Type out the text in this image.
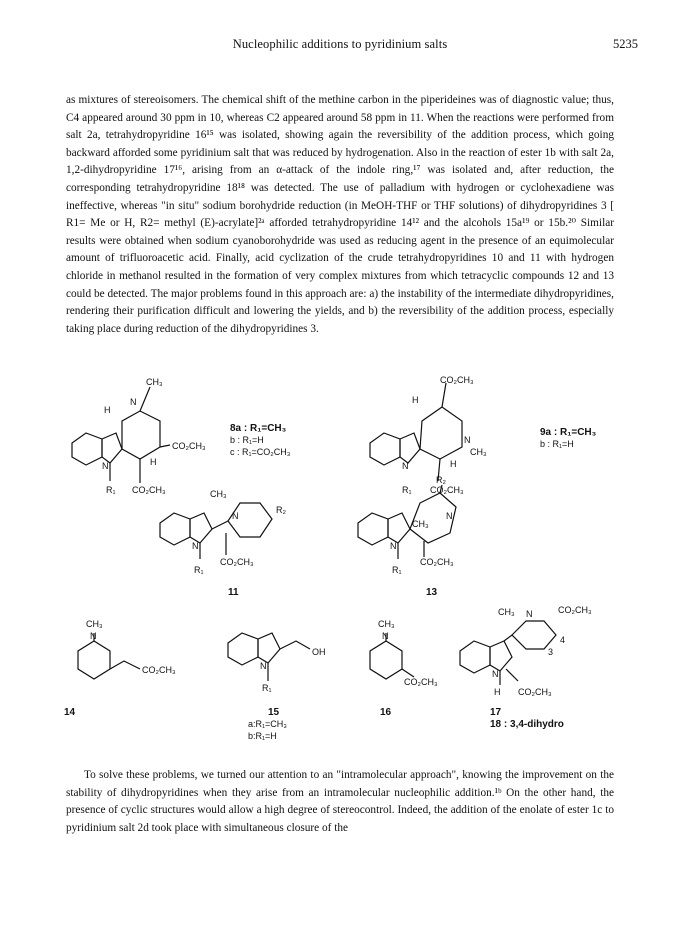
Nucleophilic additions to pyridinium salts	5235

as mixtures of stereoisomers. The chemical shift of the methine carbon in the piperideines was of diagnostic value; thus, C4 appeared around 30 ppm in 10, whereas C2 appeared around 58 ppm in 11. When the reactions were performed from salt 2a, tetrahydropyridine 16¹⁵ was isolated, showing again the reversibility of the addition process, which going backward afforded some pyridinium salt that was reduced by hydrogenation. Also in the reaction of ester 1b with salt 2a, 1,2-dihydropyridine 17¹⁶, arising from an α-attack of the indole ring,¹⁷ was isolated and, after reduction, the corresponding tetrahydropyridine 18¹⁸ was detected. The use of palladium with hydrogen or cyclohexadiene was ineffective, whereas "in situ" sodium borohydride reduction (in MeOH-THF or THF solutions) of dihydropyridines 3 [ R1= Me or H, R2= methyl (E)-acrylate]²ᵃ afforded tetrahydropyridine 14¹² and the alcohols 15a¹⁹ or 15b.²⁰ Similar results were obtained when sodium cyanoborohydride was used as reducing agent in the presence of an equimolecular amount of trifluoroacetic acid. Finally, acid cyclization of the crude tetrahydropyridines 10 and 11 with hydrogen chloride in methanol resulted in the formation of very complex mixtures from which tetracyclic compounds 12 and 13 could be detected. The major problems found in this approach are: a) the instability of the intermediate dihydropyridines, rendering their purification difficult and lowering the yields, and b) the reversibility of the addition process, especially taking place during reduction of the dihydropyridines 3.

CH₃
N
H
CO₂CH₃
H
N
R₁ CO₂CH₃
8a : R₁=CH₃
b : R₁=H
c : R₁=CO₂CH₃
CO₂CH₃
H
N
CH₃
H
N
R₁ CO₂CH₃
9a : R₁=CH₃
b : R₁=H
CH₃
R₂
N
N
R₁
CO₂CH₃
11
R₂
CH₃
N
N
R₁
CO₂CH₃
13
CH₃
N
CO₂CH₃
14
OH
N
R₁
15
a:R₁=CH₃
b:R₁=H
CH₃
N
CO₂CH₃
16
CH₃ N	CO₂CH₃
4
3
N
H CO₂CH₃
17
18 : 3,4-dihydro

To solve these problems, we turned our attention to an "intramolecular approach", knowing the improvement on the stability of dihydropyridines when they arise from an intramolecular nucleophilic addition.¹ᵇ On the other hand, the presence of cyclic structures would allow a high degree of stereocontrol. Indeed, the addition of the enolate of ester 1c to pyridinium salt 2d took place with simultaneous closure of the
